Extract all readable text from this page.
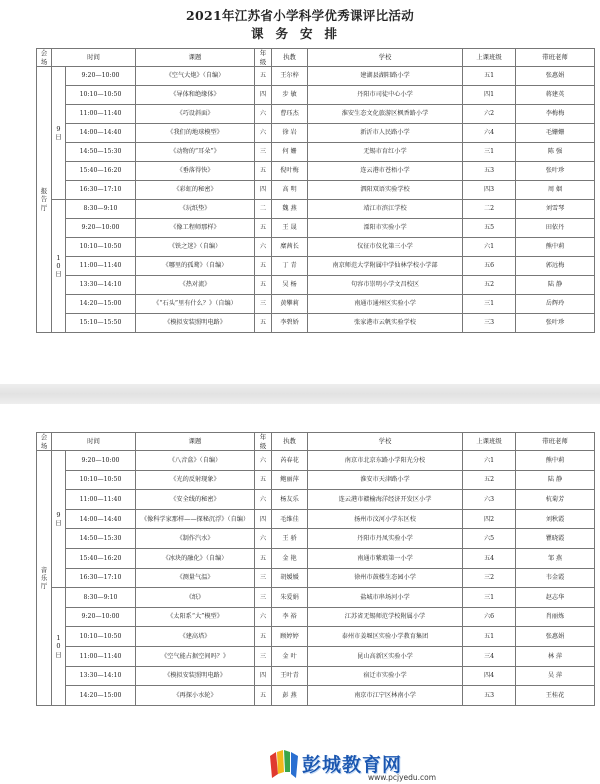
2021年江苏省小学科学优秀课评比活动
课务安排
会场	时间		课题	年级	执教	学校	上课班级	带班老师

报告厅	9日	9:20—10:00	《空气大炮》（自编）	五	王尔梓	建湖县湖阳路小学	五1	张惠娟
		10:10—10:50	《导体和绝缘体》	四	步 敏	丹阳市司徒中心小学	四1	蒋建英
		11:00—11:40	《巧设斜面》	六	曹珏杰	淮安生态文化旅游区枫香路小学	六2	李梅梅
		14:00—14:40	《我们的地球模型》	六	徐 岩	新沂市人民路小学	六4	毛姗姗
		14:50—15:30	《动物的“耳朵”》	三	何 姗	无锡市育红小学	三1	陈 强
		15:40—16:20	《垂落得快》	五	倪叶梅	连云港市苍梧小学	五3	张叶珍
		16:30—17:10	《彩虹的秘密》	四	高 明	泗阳双语实验学校	四3	周 姻

	10日	8:30—9:10	《玩纸垫》	二	魏 燕	靖江市滨江学校	二2	刘雪琴
		9:20—10:00	《像工程师那样》	五	王 晟	溧阳市实验小学	五5	田依丹
		10:10—10:50	《铁之迷》（自编）	六	糜茜长	仪征市仪化第三小学	六1	熊中莉
		11:00—11:40	《哪里的孤鹜》（自编）	五	丁 青	南京师范大学附属中学仙林学校小学部	五6	郭远梅
		13:30—14:10	《热对流》	五	吴 杨	句容市崇明小学文昌校区	五2	陆 静
		14:20—15:00	《“石头”里有什么？》（自编）	三	黄攀莉	南通市通州区实验小学	三1	岳辉玲
		15:10—15:50	《模拟安装照明电路》	五	李碧娇	张家港市云帆实验学校	三3	张叶珍
会场	时间		课题	年级	执教	学校	上课班级	带班老师

音乐厅	9日	9:20—10:00	《八音盒》（自编）	六	芮春花	南京市北京东路小学阳光分校	六1	熊中莉
		10:10—10:50	《光的反射现象》	五	鲍丽萍	淮安市天津路小学	五2	陆 静
		11:00—11:40	《安全线的秘密》	六	杨友乐	连云港市赣榆海洋经济开发区小学	六3	杭菊芳
		14:00—14:40	《像科学家那样——探秘沉浮》（自编）	四	毛维佳	扬州市汶河小学东区校	四2	刘秋霞
		14:50—15:30	《制作汽水》	六	王 骄	丹阳市丹凤实验小学	六5	瞿晓霞
		15:40—16:20	《冰块的融化》（自编）	五	金 艳	南通市紫琅第一小学	五4	邹 燕
		16:30—17:10	《测量气温》	三	胡媛媛	徐州市鼓楼生态园小学	三2	韦金霞

	10日	8:30—9:10	《纸》	三	朱爱娟	盐城市串场河小学	三1	赵志华
		9:20—10:00	《太阳系“大”模型》	六	李 裕	江苏省无锡师范学校附属小学	六6	肖丽炼
		10:10—10:50	《建高塔》	五	顾婷婷	泰州市姜堰区实验小学教育集团	五1	张惠娟
		11:00—11:40	《空气能占据空间吗？》	三	金 叶	昆山高新区实验小学	三4	林 萍
		13:30—14:10	《模拟安装照明电路》	四	王叶青	宿迁市实验小学	四4	吴 萍
		14:20—15:00	《再探小水轮》	五	彭 燕	南京市江宁区林南小学	五3	王桂花
彭城教育网
www.pcjyedu.com
